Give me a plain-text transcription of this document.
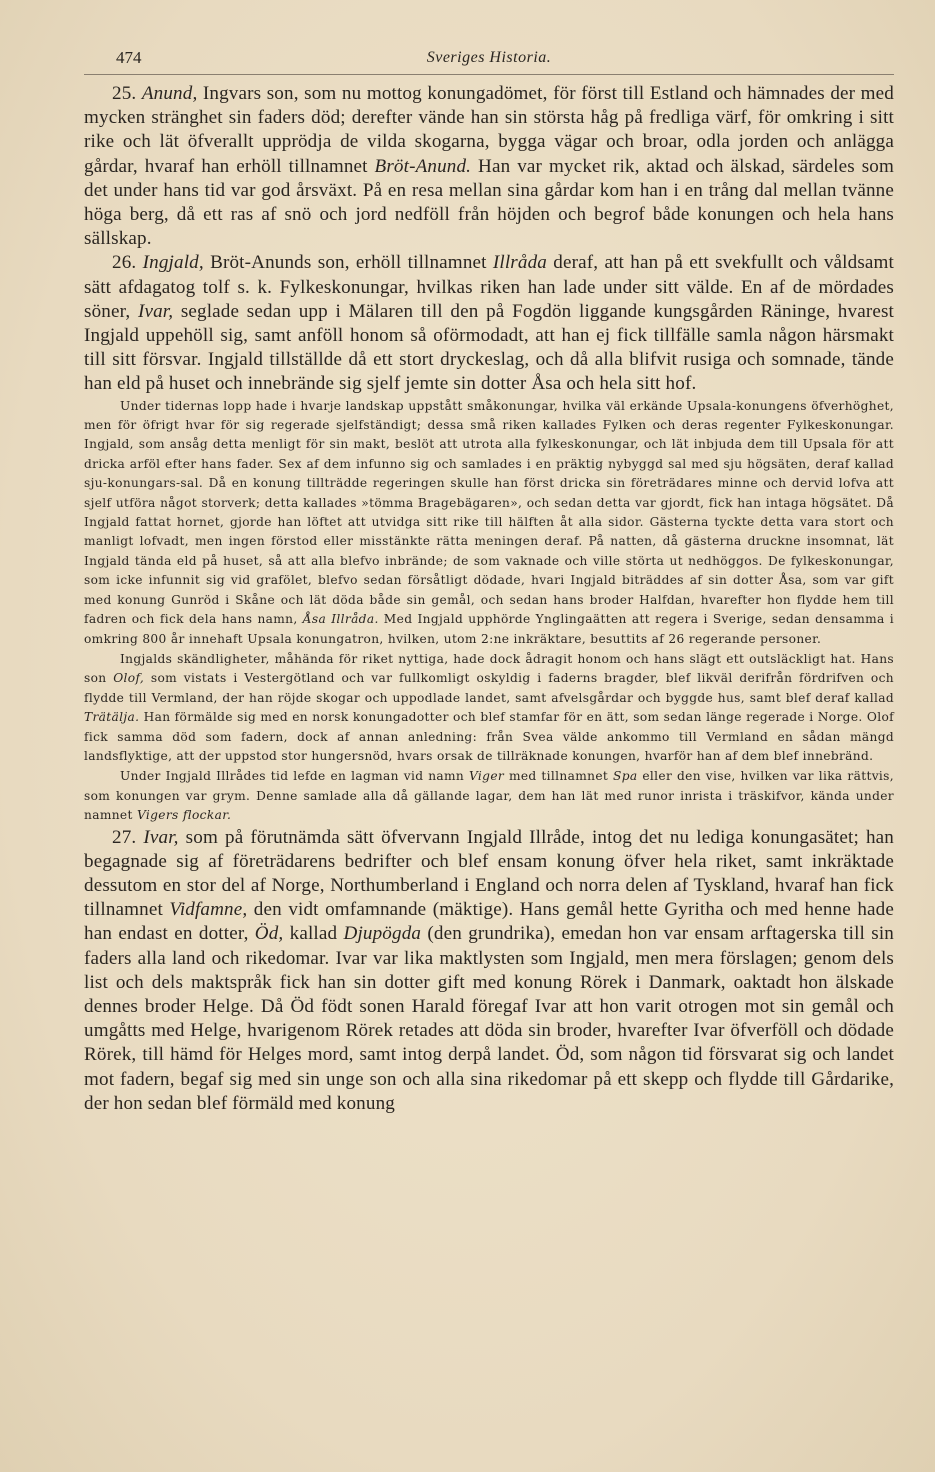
474	Sveriges Historia.

25. Anund, Ingvars son, som nu mottog konungadömet, för först till Estland och hämnades der med mycken stränghet sin faders död; derefter vände han sin största håg på fredliga värf, för omkring i sitt rike och lät öfverallt upprödja de vilda skogarna, bygga vägar och broar, odla jorden och anlägga gårdar, hvaraf han erhöll tillnamnet Bröt-Anund. Han var mycket rik, aktad och älskad, särdeles som det under hans tid var god årsväxt. På en resa mellan sina gårdar kom han i en trång dal mellan tvänne höga berg, då ett ras af snö och jord nedföll från höjden och begrof både konungen och hela hans sällskap.

26. Ingjald, Bröt-Anunds son, erhöll tillnamnet Illråda deraf, att han på ett svekfullt och våldsamt sätt afdagatog tolf s. k. Fylkeskonungar, hvilkas riken han lade under sitt välde. En af de mördades söner, Ivar, seglade sedan upp i Mälaren till den på Fogdön liggande kungsgården Räninge, hvarest Ingjald uppehöll sig, samt anföll honom så oförmodadt, att han ej fick tillfälle samla någon härsmakt till sitt försvar. Ingjald tillställde då ett stort dryckeslag, och då alla blifvit rusiga och somnade, tände han eld på huset och innebrände sig sjelf jemte sin dotter Åsa och hela sitt hof.

Under tidernas lopp hade i hvarje landskap uppstått småkonungar, hvilka väl erkände Upsala-konungens öfverhöghet, men för öfrigt hvar för sig regerade sjelfständigt; dessa små riken kallades Fylken och deras regenter Fylkeskonungar. Ingjald, som ansåg detta menligt för sin makt, beslöt att utrota alla fylkeskonungar, och lät inbjuda dem till Upsala för att dricka arföl efter hans fader. Sex af dem infunno sig och samlades i en präktig nybyggd sal med sju högsäten, deraf kallad sju-konungars-sal. Då en konung tillträdde regeringen skulle han först dricka sin företrädares minne och dervid lofva att sjelf utföra något storverk; detta kallades »tömma Bragebägaren», och sedan detta var gjordt, fick han intaga högsätet. Då Ingjald fattat hornet, gjorde han löftet att utvidga sitt rike till hälften åt alla sidor. Gästerna tyckte detta vara stort och manligt lofvadt, men ingen förstod eller misstänkte rätta meningen deraf. På natten, då gästerna druckne insomnat, lät Ingjald tända eld på huset, så att alla blefvo inbrände; de som vaknade och ville störta ut nedhöggos. De fylkeskonungar, som icke infunnit sig vid grafölet, blefvo sedan försåtligt dödade, hvari Ingjald biträddes af sin dotter Åsa, som var gift med konung Gunröd i Skåne och lät döda både sin gemål, och sedan hans broder Halfdan, hvarefter hon flydde hem till fadren och fick dela hans namn, Åsa Illråda. Med Ingjald upphörde Ynglingaätten att regera i Sverige, sedan densamma i omkring 800 år innehaft Upsala konungatron, hvilken, utom 2:ne inkräktare, besuttits af 26 regerande personer.

Ingjalds skändligheter, måhända för riket nyttiga, hade dock ådragit honom och hans slägt ett outsläckligt hat. Hans son Olof, som vistats i Vestergötland och var fullkomligt oskyldig i faderns bragder, blef likväl derifrån fördrifven och flydde till Vermland, der han röjde skogar och uppodlade landet, samt afvelsgårdar och byggde hus, samt blef deraf kallad Trätälja. Han förmälde sig med en norsk konungadotter och blef stamfar för en ätt, som sedan länge regerade i Norge. Olof fick samma död som fadern, dock af annan anledning: från Svea välde ankommo till Vermland en sådan mängd landsflyktige, att der uppstod stor hungersnöd, hvars orsak de tillräknade konungen, hvarför han af dem blef innebränd.

Under Ingjald Illrådes tid lefde en lagman vid namn Viger med tillnamnet Spa eller den vise, hvilken var lika rättvis, som konungen var grym. Denne samlade alla då gällande lagar, dem han lät med runor inrista i träskifvor, kända under namnet Vigers flockar.

27. Ivar, som på förutnämda sätt öfvervann Ingjald Illråde, intog det nu lediga konungasätet; han begagnade sig af företrädarens bedrifter och blef ensam konung öfver hela riket, samt inkräktade dessutom en stor del af Norge, Northumberland i England och norra delen af Tyskland, hvaraf han fick tillnamnet Vidfamne, den vidt omfamnande (mäktige). Hans gemål hette Gyritha och med henne hade han endast en dotter, Öd, kallad Djupögda (den grundrika), emedan hon var ensam arftagerska till sin faders alla land och rikedomar. Ivar var lika maktlysten som Ingjald, men mera förslagen; genom dels list och dels maktspråk fick han sin dotter gift med konung Rörek i Danmark, oaktadt hon älskade dennes broder Helge. Då Öd födt sonen Harald föregaf Ivar att hon varit otrogen mot sin gemål och umgåtts med Helge, hvarigenom Rörek retades att döda sin broder, hvarefter Ivar öfverföll och dödade Rörek, till hämd för Helges mord, samt intog derpå landet. Öd, som någon tid försvarat sig och landet mot fadern, begaf sig med sin unge son och alla sina rikedomar på ett skepp och flydde till Gårdarike, der hon sedan blef förmäld med konung
